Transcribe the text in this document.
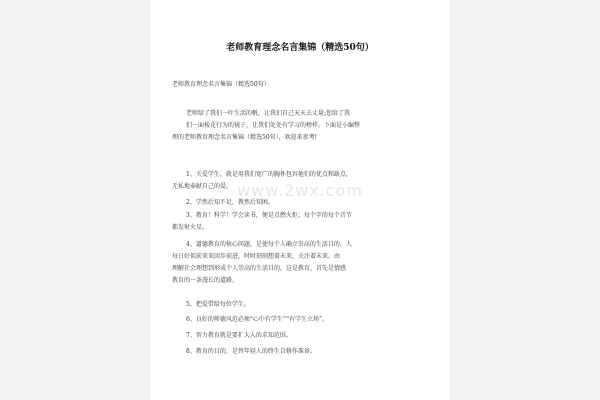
老师教育理念名言集锦（精选50句）
老师教育理念名言集锦（精选50句）
老师给了我们一叶生活的帆，让我们自己天天去丈量;您给了我
们一面棱花行为的镜子，让我们处处有学习的榜样。下面是小编整
理的老师教育理念名言集锦（精选50句），欢迎来参考!
1、关爱学生，就是用我们宽广的胸怀包容他们的优点和缺点，
无私地奉献自己的爱。
2、学然后知不足，教然后知困。
3、教育！科学！学会读书，便是点燃火炬；每个字的每个音节
都发射火星。
4、道德教育的核心问题，是使每个人确立崇高的生活目的。人
每日好似前来来回步前进，时时刻刻想着未来，关注着未来。由
理解社会理想到形成个人崇高的生活目的，这是教育，首先是情感
教育的一条漫长的道路。
5、把爱带给每位学生。
6、良好的师德风范必须“心中有学生”“有学生立场”。
7、智力教育就是要扩大人的求知范围。
8、教育的目的，是替年轻人的终生自修作准备。
www.2wx.com
